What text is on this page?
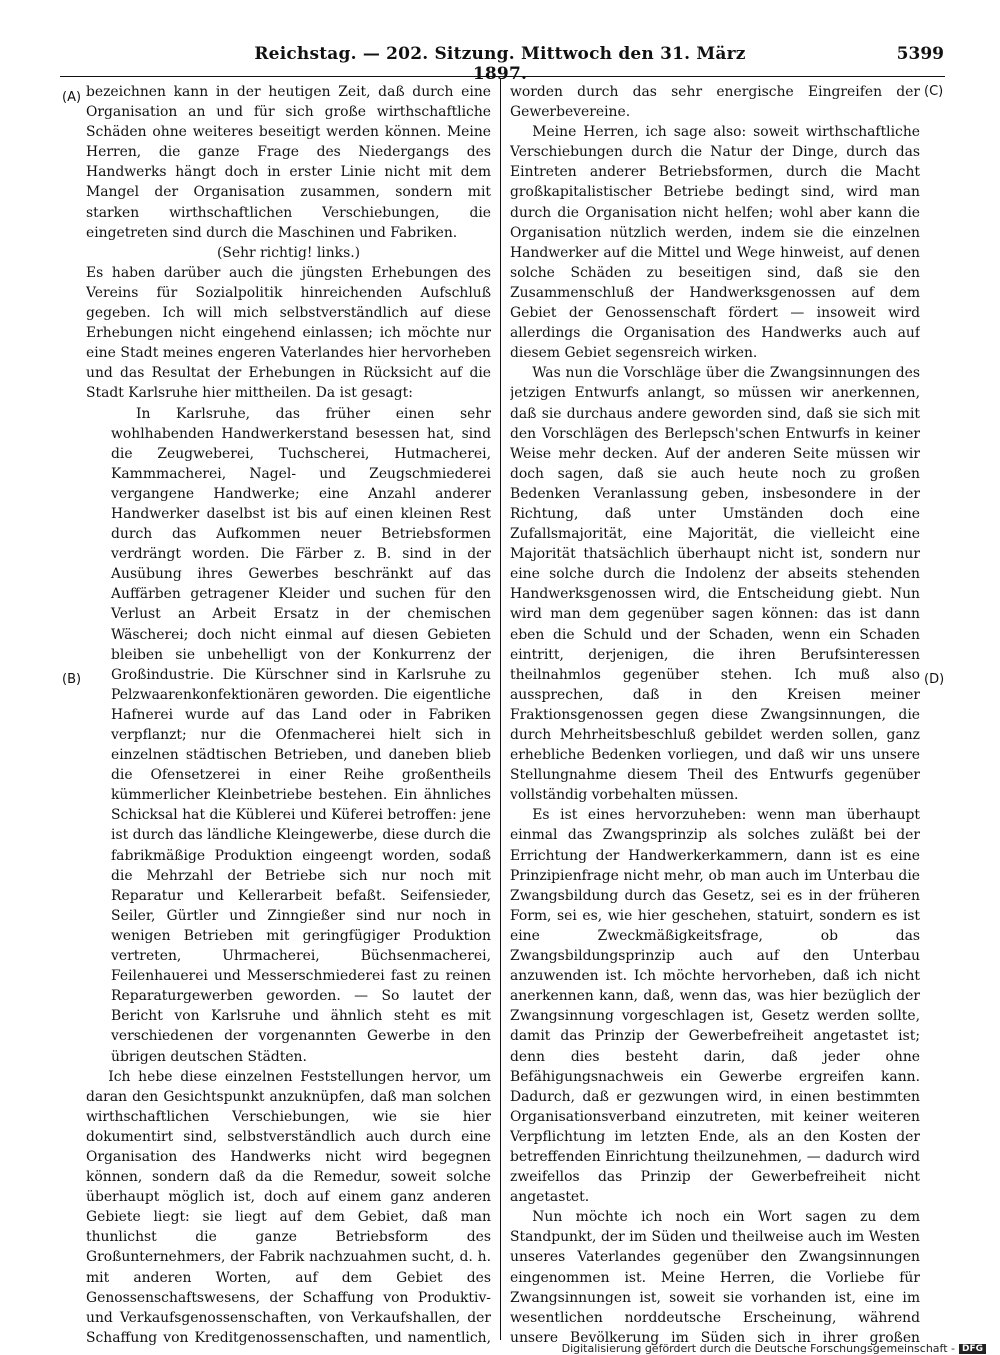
Reichstag. — 202. Sitzung. Mittwoch den 31. März 1897.
5399
(A)
(B)
(C)
(D)

bezeichnen kann in der heutigen Zeit, daß durch eine Organisation an und für sich große wirthschaftliche Schäden ohne weiteres beseitigt werden können. Meine Herren, die ganze Frage des Niedergangs des Handwerks hängt doch in erster Linie nicht mit dem Mangel der Organisation zusammen, sondern mit starken wirthschaftlichen Verschiebungen, die eingetreten sind durch die Maschinen und Fabriken.

(Sehr richtig! links.)

Es haben darüber auch die jüngsten Erhebungen des Vereins für Sozialpolitik hinreichenden Aufschluß gegeben. Ich will mich selbstverständlich auf diese Erhebungen nicht eingehend einlassen; ich möchte nur eine Stadt meines engeren Vaterlandes hier hervorheben und das Resultat der Erhebungen in Rücksicht auf die Stadt Karlsruhe hier mittheilen. Da ist gesagt:

In Karlsruhe, das früher einen sehr wohlhabenden Handwerkerstand besessen hat, sind die Zeugweberei, Tuchscherei, Hutmacherei, Kammmacherei, Nagel- und Zeugschmiederei vergangene Handwerke; eine Anzahl anderer Handwerker daselbst ist bis auf einen kleinen Rest durch das Aufkommen neuer Betriebsformen verdrängt worden. Die Färber z. B. sind in der Ausübung ihres Gewerbes beschränkt auf das Auffärben getragener Kleider und suchen für den Verlust an Arbeit Ersatz in der chemischen Wäscherei; doch nicht einmal auf diesen Gebieten bleiben sie unbehelligt von der Konkurrenz der Großindustrie. Die Kürschner sind in Karlsruhe zu Pelzwaarenkonfektionären geworden. Die eigentliche Hafnerei wurde auf das Land oder in Fabriken verpflanzt; nur die Ofenmacherei hielt sich in einzelnen städtischen Betrieben, und daneben blieb die Ofensetzerei in einer Reihe großentheils kümmerlicher Kleinbetriebe bestehen. Ein ähnliches Schicksal hat die Küblerei und Küferei betroffen: jene ist durch das ländliche Kleingewerbe, diese durch die fabrikmäßige Produktion eingeengt worden, sodaß die Mehrzahl der Betriebe sich nur noch mit Reparatur und Kellerarbeit befaßt. Seifensieder, Seiler, Gürtler und Zinngießer sind nur noch in wenigen Betrieben mit geringfügiger Produktion vertreten, Uhrmacherei, Büchsenmacherei, Feilenhauerei und Messerschmiederei fast zu reinen Reparaturgewerben geworden. — So lautet der Bericht von Karlsruhe und ähnlich steht es mit verschiedenen der vorgenannten Gewerbe in den übrigen deutschen Städten.

Ich hebe diese einzelnen Feststellungen hervor, um daran den Gesichtspunkt anzuknüpfen, daß man solchen wirthschaftlichen Verschiebungen, wie sie hier dokumentirt sind, selbstverständlich auch durch eine Organisation des Handwerks nicht wird begegnen können, sondern daß da die Remedur, soweit solche überhaupt möglich ist, doch auf einem ganz anderen Gebiete liegt: sie liegt auf dem Gebiet, daß man thunlichst die ganze Betriebsform des Großunternehmers, der Fabrik nachzuahmen sucht, d. h. mit anderen Worten, auf dem Gebiet des Genossenschaftswesens, der Schaffung von Produktiv- und Verkaufsgenossenschaften, von Verkaufshallen, der Schaffung von Kreditgenossenschaften, und namentlich,

worden durch das sehr energische Eingreifen der Gewerbevereine.

Meine Herren, ich sage also: soweit wirthschaftliche Verschiebungen durch die Natur der Dinge, durch das Eintreten anderer Betriebsformen, durch die Macht großkapitalistischer Betriebe bedingt sind, wird man durch die Organisation nicht helfen; wohl aber kann die Organisation nützlich werden, indem sie die einzelnen Handwerker auf die Mittel und Wege hinweist, auf denen solche Schäden zu beseitigen sind, daß sie den Zusammenschluß der Handwerksgenossen auf dem Gebiet der Genossenschaft fördert — insoweit wird allerdings die Organisation des Handwerks auch auf diesem Gebiet segensreich wirken.

Was nun die Vorschläge über die Zwangsinnungen des jetzigen Entwurfs anlangt, so müssen wir anerkennen, daß sie durchaus andere geworden sind, daß sie sich mit den Vorschlägen des Berlepsch'schen Entwurfs in keiner Weise mehr decken. Auf der anderen Seite müssen wir doch sagen, daß sie auch heute noch zu großen Bedenken Veranlassung geben, insbesondere in der Richtung, daß unter Umständen doch eine Zufallsmajorität, eine Majorität, die vielleicht eine Majorität thatsächlich überhaupt nicht ist, sondern nur eine solche durch die Indolenz der abseits stehenden Handwerksgenossen wird, die Entscheidung giebt. Nun wird man dem gegenüber sagen können: das ist dann eben die Schuld und der Schaden, wenn ein Schaden eintritt, derjenigen, die ihren Berufsinteressen theilnahmlos gegenüber stehen. Ich muß also aussprechen, daß in den Kreisen meiner Fraktionsgenossen gegen diese Zwangsinnungen, die durch Mehrheitsbeschluß gebildet werden sollen, ganz erhebliche Bedenken vorliegen, und daß wir uns unsere Stellungnahme diesem Theil des Entwurfs gegenüber vollständig vorbehalten müssen.

Es ist eines hervorzuheben: wenn man überhaupt einmal das Zwangsprinzip als solches zuläßt bei der Errichtung der Handwerkerkammern, dann ist es eine Prinzipienfrage nicht mehr, ob man auch im Unterbau die Zwangsbildung durch das Gesetz, sei es in der früheren Form, sei es, wie hier geschehen, statuirt, sondern es ist eine Zweckmäßigkeitsfrage, ob das Zwangsbildungsprinzip auch auf den Unterbau anzuwenden ist. Ich möchte hervorheben, daß ich nicht anerkennen kann, daß, wenn das, was hier bezüglich der Zwangsinnung vorgeschlagen ist, Gesetz werden sollte, damit das Prinzip der Gewerbefreiheit angetastet ist; denn dies besteht darin, daß jeder ohne Befähigungsnachweis ein Gewerbe ergreifen kann. Dadurch, daß er gezwungen wird, in einen bestimmten Organisationsverband einzutreten, mit keiner weiteren Verpflichtung im letzten Ende, als an den Kosten der betreffenden Einrichtung theilzunehmen, — dadurch wird zweifellos das Prinzip der Gewerbefreiheit nicht angetastet.

Nun möchte ich noch ein Wort sagen zu dem Standpunkt, der im Süden und theilweise auch im Westen unseres Vaterlandes gegenüber den Zwangsinnungen eingenommen ist. Meine Herren, die Vorliebe für Zwangsinnungen ist, soweit sie vorhanden ist, eine im wesentlichen norddeutsche Erscheinung, während unsere Bevölkerung im Süden sich in ihrer großen

Digitalisierung gefördert durch die Deutsche Forschungsgemeinschaft - DFG
